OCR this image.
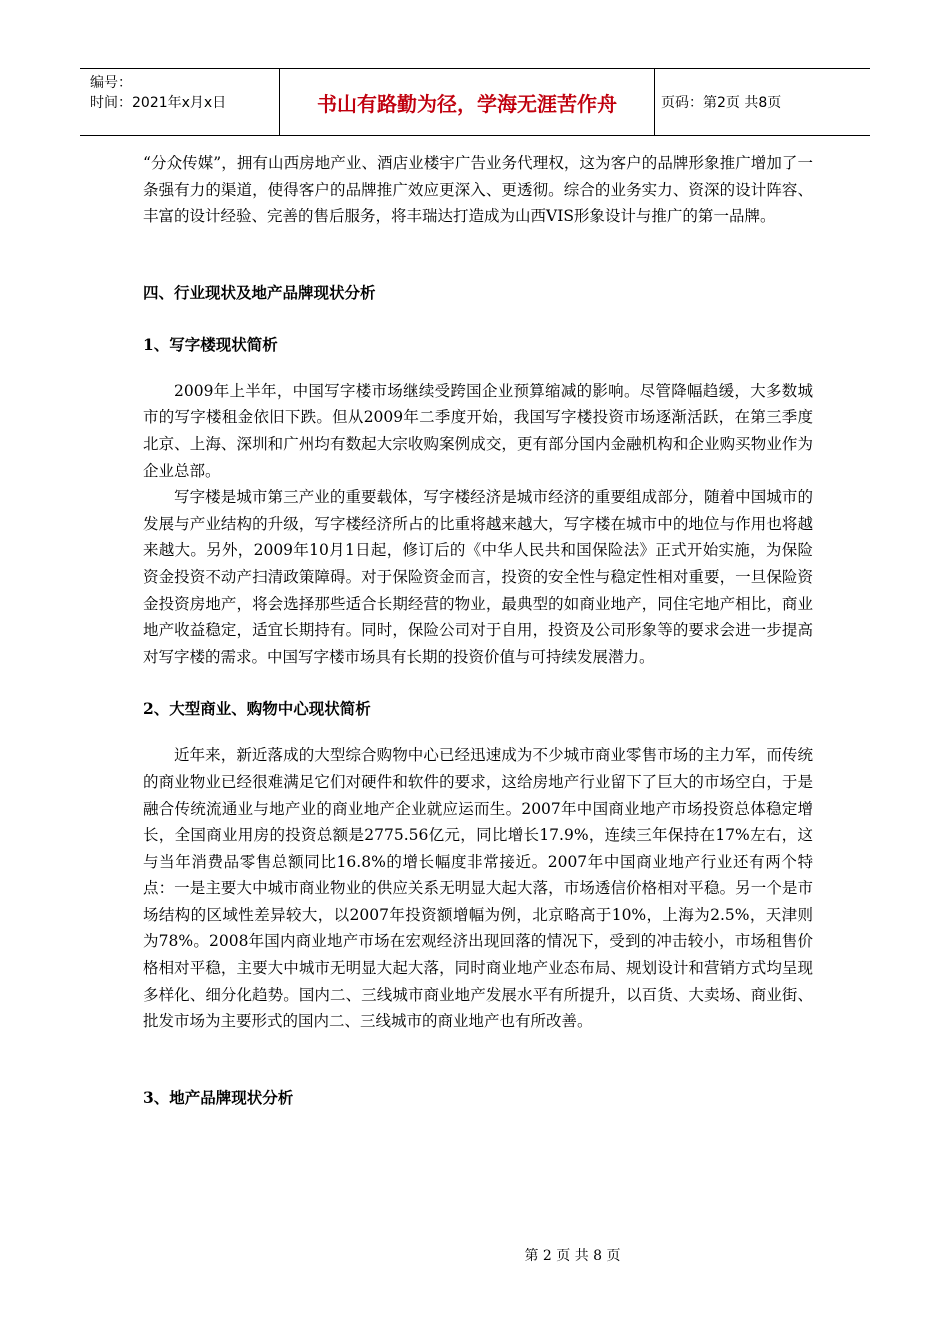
编号：
时间：2021年x月x日	书山有路勤为径，学海无涯苦作舟	页码：第2页 共8页

“分众传媒”，拥有山西房地产业、酒店业楼宇广告业务代理权，这为客户的品牌形象推广增加了一条强有力的渠道，使得客户的品牌推广效应更深入、更透彻。综合的业务实力、资深的设计阵容、丰富的设计经验、完善的售后服务，将丰瑞达打造成为山西VIS形象设计与推广的第一品牌。

四、行业现状及地产品牌现状分析
1、写字楼现状简析

2009年上半年，中国写字楼市场继续受跨国企业预算缩减的影响。尽管降幅趋缓，大多数城市的写字楼租金依旧下跌。但从2009年二季度开始，我国写字楼投资市场逐渐活跃，在第三季度北京、上海、深圳和广州均有数起大宗收购案例成交，更有部分国内金融机构和企业购买物业作为企业总部。

写字楼是城市第三产业的重要载体，写字楼经济是城市经济的重要组成部分，随着中国城市的发展与产业结构的升级，写字楼经济所占的比重将越来越大，写字楼在城市中的地位与作用也将越来越大。另外，2009年10月1日起，修订后的《中华人民共和国保险法》正式开始实施，为保险资金投资不动产扫清政策障碍。对于保险资金而言，投资的安全性与稳定性相对重要，一旦保险资金投资房地产，将会选择那些适合长期经营的物业，最典型的如商业地产，同住宅地产相比，商业地产收益稳定，适宜长期持有。同时，保险公司对于自用，投资及公司形象等的要求会进一步提高对写字楼的需求。中国写字楼市场具有长期的投资价值与可持续发展潜力。

2、大型商业、购物中心现状简析

近年来，新近落成的大型综合购物中心已经迅速成为不少城市商业零售市场的主力军，而传统的商业物业已经很难满足它们对硬件和软件的要求，这给房地产行业留下了巨大的市场空白，于是融合传统流通业与地产业的商业地产企业就应运而生。2007年中国商业地产市场投资总体稳定增长，全国商业用房的投资总额是2775.56亿元，同比增长17.9%，连续三年保持在17%左右，这与当年消费品零售总额同比16.8%的增长幅度非常接近。2007年中国商业地产行业还有两个特点：一是主要大中城市商业物业的供应关系无明显大起大落，市场透信价格相对平稳。另一个是市场结构的区域性差异较大，以2007年投资额增幅为例，北京略高于10%，上海为2.5%，天津则为78%。2008年国内商业地产市场在宏观经济出现回落的情况下，受到的冲击较小，市场租售价格相对平稳，主要大中城市无明显大起大落，同时商业地产业态布局、规划设计和营销方式均呈现多样化、细分化趋势。国内二、三线城市商业地产发展水平有所提升，以百货、大卖场、商业街、批发市场为主要形式的国内二、三线城市的商业地产也有所改善。

3、地产品牌现状分析
第 2 页 共 8 页
